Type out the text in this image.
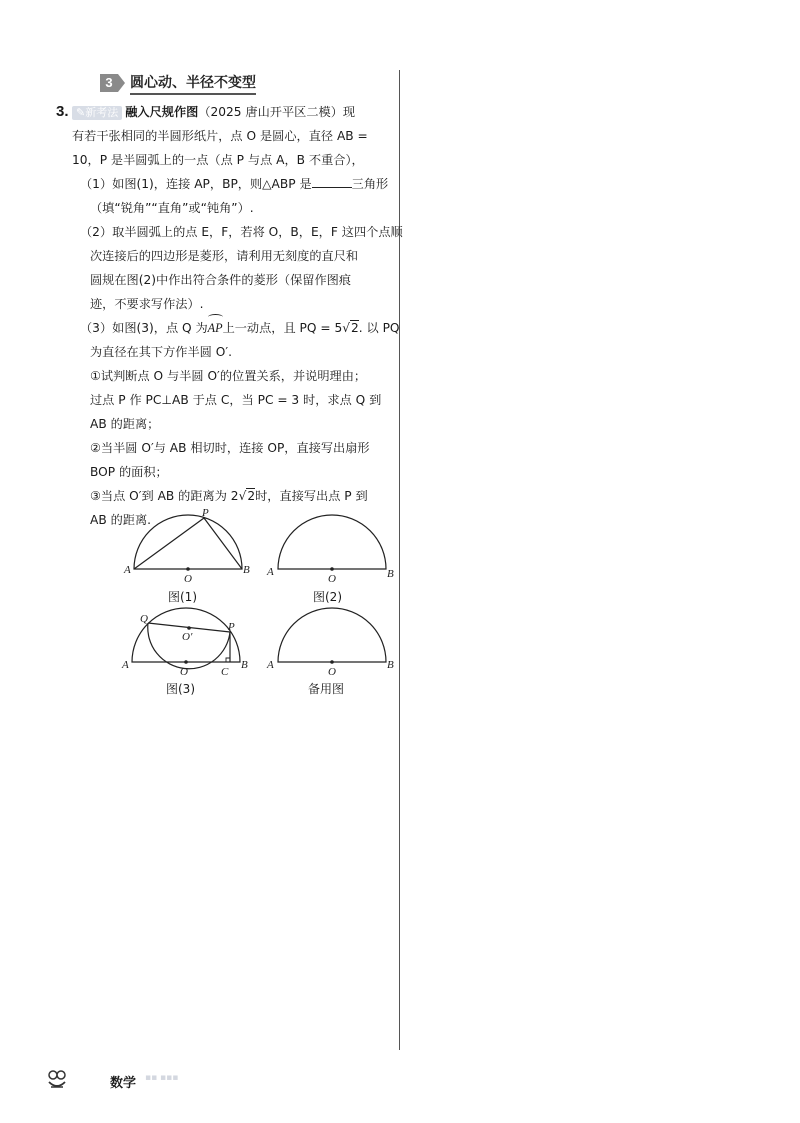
3	圆心动、半径不变型
3. ✎新考法 融入尺规作图（2025 唐山开平区二模）现
有若干张相同的半圆形纸片，点 O 是圆心，直径 AB =
10，P 是半圆弧上的一点（点 P 与点 A，B 不重合），
（1）如图(1)，连接 AP，BP，则△ABP 是	三角形
（填“锐角”“直角”或“钝角”）.
（2）取半圆弧上的点 E，F，若将 O，B，E，F 这四个点顺
次连接后的四边形是菱形，请利用无刻度的直尺和
圆规在图(2)中作出符合条件的菱形（保留作图痕
迹，不要求写作法）.
（3）如图(3)，点 Q 为AP上一动点，且 PQ = 5√2. 以 PQ
为直径在其下方作半圆 O′.
①试判断点 O 与半圆 O′的位置关系，并说明理由；
过点 P 作 PC⊥AB 于点 C，当 PC = 3 时，求点 Q 到
AB 的距离；
②当半圆 O′与 AB 相切时，连接 OP，直接写出扇形
BOP 的面积；
③当点 O′到 AB 的距离为 2√2时，直接写出点 P 到
AB 的距离.
A	B
O
P
图(1)
A	B
O
图(2)
A	B
O
Q
O′
P
C
图(3)
A	B
O
备用图
数学 ▪▪ ▪▪▪
